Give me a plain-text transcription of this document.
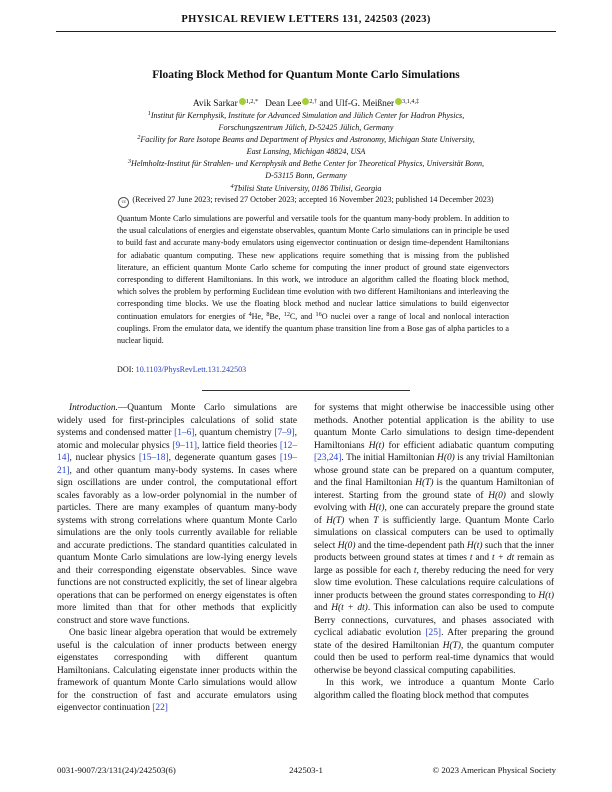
PHYSICAL REVIEW LETTERS 131, 242503 (2023)
Floating Block Method for Quantum Monte Carlo Simulations
Avik Sarkar $^{1,2,*}$ Dean Lee $^{2,\dagger}$ and Ulf-G. Meißner $^{3,1,4,\ddagger}$
$^1$Institut für Kernphysik, Institute for Advanced Simulation and Jülich Center for Hadron Physics,
Forschungszentrum Jülich, D-52425 Jülich, Germany
$^2$Facility for Rare Isotope Beams and Department of Physics and Astronomy, Michigan State University,
East Lansing, Michigan 48824, USA
$^3$Helmholtz-Institut für Strahlen- und Kernphysik and Bethe Center for Theoretical Physics, Universität Bonn,
D-53115 Bonn, Germany
$^4$Tbilisi State University, 0186 Tbilisi, Georgia
cc (Received 27 June 2023; revised 27 October 2023; accepted 16 November 2023; published 14 December 2023)
Quantum Monte Carlo simulations are powerful and versatile tools for the quantum many-body problem. In addition to the usual calculations of energies and eigenstate observables, quantum Monte Carlo simulations can in principle be used to build fast and accurate many-body emulators using eigenvector continuation or design time-dependent Hamiltonians for adiabatic quantum computing. These new applications require something that is missing from the published literature, an efficient quantum Monte Carlo scheme for computing the inner product of ground state eigenvectors corresponding to different Hamiltonians. In this work, we introduce an algorithm called the floating block method, which solves the problem by performing Euclidean time evolution with two different Hamiltonians and interleaving the corresponding time blocks. We use the floating block method and nuclear lattice simulations to build eigenvector continuation emulators for energies of $^4$He, $^8$Be, $^{12}$C, and $^{16}$O nuclei over a range of local and nonlocal interaction couplings. From the emulator data, we identify the quantum phase transition line from a Bose gas of alpha particles to a nuclear liquid.
DOI: 10.1103/PhysRevLett.131.242503

Introduction.—Quantum Monte Carlo simulations are widely used for first-principles calculations of solid state systems and condensed matter [1–6], quantum chemistry [7–9], atomic and molecular physics [9–11], lattice field theories [12–14], nuclear physics [15–18], degenerate quantum gases [19–21], and other quantum many-body systems. In cases where sign oscillations are under control, the computational effort scales favorably as a low-order polynomial in the number of particles. There are many examples of quantum many-body systems with strong correlations where quantum Monte Carlo simulations are the only tools currently available for reliable and accurate predictions. The standard quantities calculated in quantum Monte Carlo simulations are low-lying energy levels and their corresponding eigenstate observables. Since wave functions are not constructed explicitly, the set of linear algebra operations that can be performed on energy eigenstates is often more limited than that for other methods that explicitly construct and store wave functions.

One basic linear algebra operation that would be extremely useful is the calculation of inner products between energy eigenstates corresponding with different quantum Hamiltonians. Calculating eigenstate inner products within the framework of quantum Monte Carlo simulations would allow for the construction of fast and accurate emulators using eigenvector continuation [22]

for systems that might otherwise be inaccessible using other methods. Another potential application is the ability to use quantum Monte Carlo simulations to design time-dependent Hamiltonians H(t) for efficient adiabatic quantum computing [23,24]. The initial Hamiltonian H(0) is any trivial Hamiltonian whose ground state can be prepared on a quantum computer, and the final Hamiltonian H(T) is the quantum Hamiltonian of interest. Starting from the ground state of H(0) and slowly evolving with H(t), one can accurately prepare the ground state of H(T) when T is sufficiently large. Quantum Monte Carlo simulations on classical computers can be used to optimally select H(0) and the time-dependent path H(t) such that the inner products between ground states at times t and t + dt remain as large as possible for each t, thereby reducing the need for very slow time evolution. These calculations require calculations of inner products between the ground states corresponding to H(t) and H(t + dt). This information can also be used to compute Berry connections, curvatures, and phases associated with cyclical adiabatic evolution [25]. After preparing the ground state of the desired Hamiltonian H(T), the quantum computer could then be used to perform real-time dynamics that would otherwise be beyond classical computing capabilities.

In this work, we introduce a quantum Monte Carlo algorithm called the floating block method that computes

0031-9007/23/131(24)/242503(6)	242503-1	© 2023 American Physical Society
